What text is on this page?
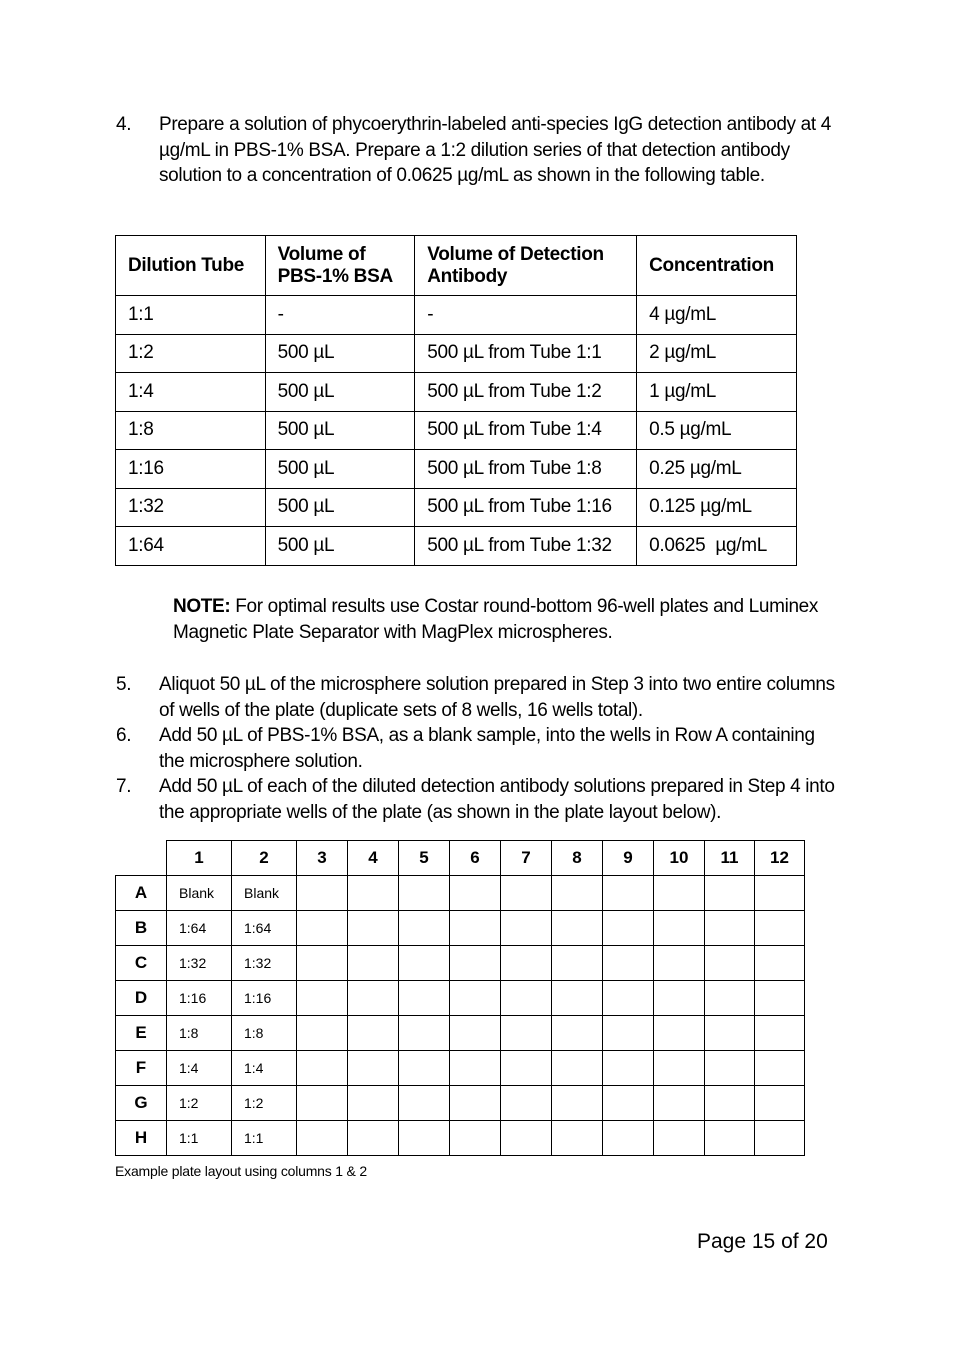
4. Prepare a solution of phycoerythrin-labeled anti-species IgG detection antibody at 4 µg/mL in PBS-1% BSA. Prepare a 1:2 dilution series of that detection antibody solution to a concentration of 0.0625 µg/mL as shown in the following table.
Dilution Tube	Volume of PBS-1% BSA	Volume of Detection Antibody	Concentration
1:1	-	-	4 µg/mL
1:2	500 µL	500 µL from Tube 1:1	2 µg/mL
1:4	500 µL	500 µL from Tube 1:2	1 µg/mL
1:8	500 µL	500 µL from Tube 1:4	0.5 µg/mL
1:16	500 µL	500 µL from Tube 1:8	0.25 µg/mL
1:32	500 µL	500 µL from Tube 1:16	0.125 µg/mL
1:64	500 µL	500 µL from Tube 1:32	0.0625  µg/mL
NOTE: For optimal results use Costar round-bottom 96-well plates and Luminex Magnetic Plate Separator with MagPlex microspheres.
5. Aliquot 50 µL of the microsphere solution prepared in Step 3 into two entire columns of wells of the plate (duplicate sets of 8 wells, 16 wells total).
6. Add 50 µL of PBS-1% BSA, as a blank sample, into the wells in Row A containing the microsphere solution.
7. Add 50 µL of each of the diluted detection antibody solutions prepared in Step 4 into the appropriate wells of the plate (as shown in the plate layout below).
	1	2	3	4	5	6	7	8	9	10	11	12
A	Blank	Blank										
B	1:64	1:64										
C	1:32	1:32										
D	1:16	1:16										
E	1:8	1:8										
F	1:4	1:4										
G	1:2	1:2										
H	1:1	1:1										
Example plate layout using columns 1 & 2
Page 15 of 20
